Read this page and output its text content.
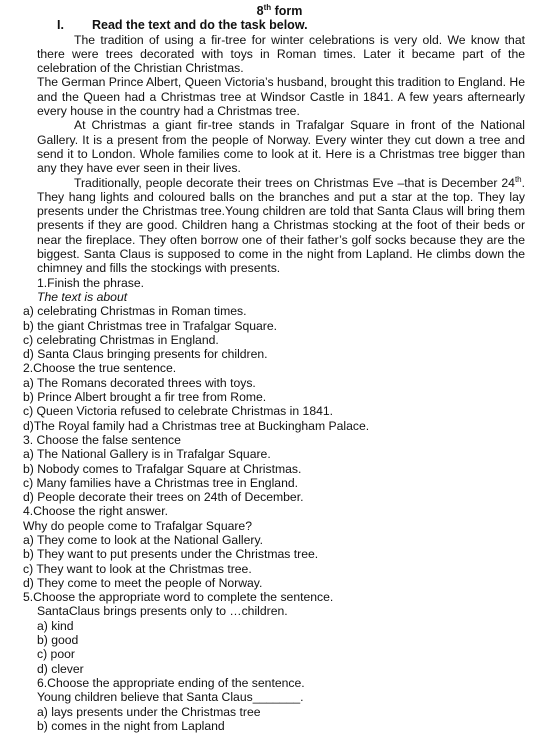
8th form
I. Read the text and do the task below.
The tradition of using a fir-tree for winter celebrations is very old. We know that there were trees decorated with toys in Roman times. Later it became part of the celebration of the Christian Christmas.
The German Prince Albert, Queen Victoria’s husband, brought this tradition to England. He and the Queen had a Christmas tree at Windsor Castle in 1841. A few years afternearly every house in the country had a Christmas tree.
At Christmas a giant fir-tree stands in Trafalgar Square in front of the National Gallery. It is a present from the people of Norway. Every winter they cut down a tree and send it to London. Whole families come to look at it. Here is a Christmas tree bigger than any they have ever seen in their lives.
Traditionally, people decorate their trees on Christmas Eve –that is December 24th. They hang lights and coloured balls on the branches and put a star at the top. They lay presents under the Christmas tree.Young children are told that Santa Claus will bring them presents if they are good. Children hang a Christmas stocking at the foot of their beds or near the fireplace. They often borrow one of their father’s golf socks because they are the biggest. Santa Claus is supposed to come in the night from Lapland. He climbs down the chimney and fills the stockings with presents.
1.Finish the phrase.
The text is about
a) celebrating Christmas in Roman times.
b) the giant Christmas tree in Trafalgar Square.
c) celebrating Christmas in England.
d) Santa Claus bringing presents for children.
2.Choose the true sentence.
a) The Romans decorated threes with toys.
b) Prince Albert brought a fir tree from Rome.
c) Queen Victoria refused to celebrate Christmas in 1841.
d)The Royal family had a Christmas tree at Buckingham Palace.
3. Choose the false sentence
a) The National Gallery is in Trafalgar Square.
b) Nobody comes to Trafalgar Square at Christmas.
c) Many families have a Christmas tree in England.
d) People decorate their trees on 24th of December.
4.Choose the right answer.
Why do people come to Trafalgar Square?
a) They come to look at the National Gallery.
b) They want to put presents under the Christmas tree.
c) They want to look at the Christmas tree.
d) They come to meet the people of Norway.
5.Choose the appropriate word to complete the sentence.
SantaClaus brings presents only to …children.
a) kind
b) good
c) poor
d) clever
6.Choose the appropriate ending of the sentence.
Young children believe that Santa Claus_______.
a) lays presents under the Christmas tree
b) comes in the night from Lapland
